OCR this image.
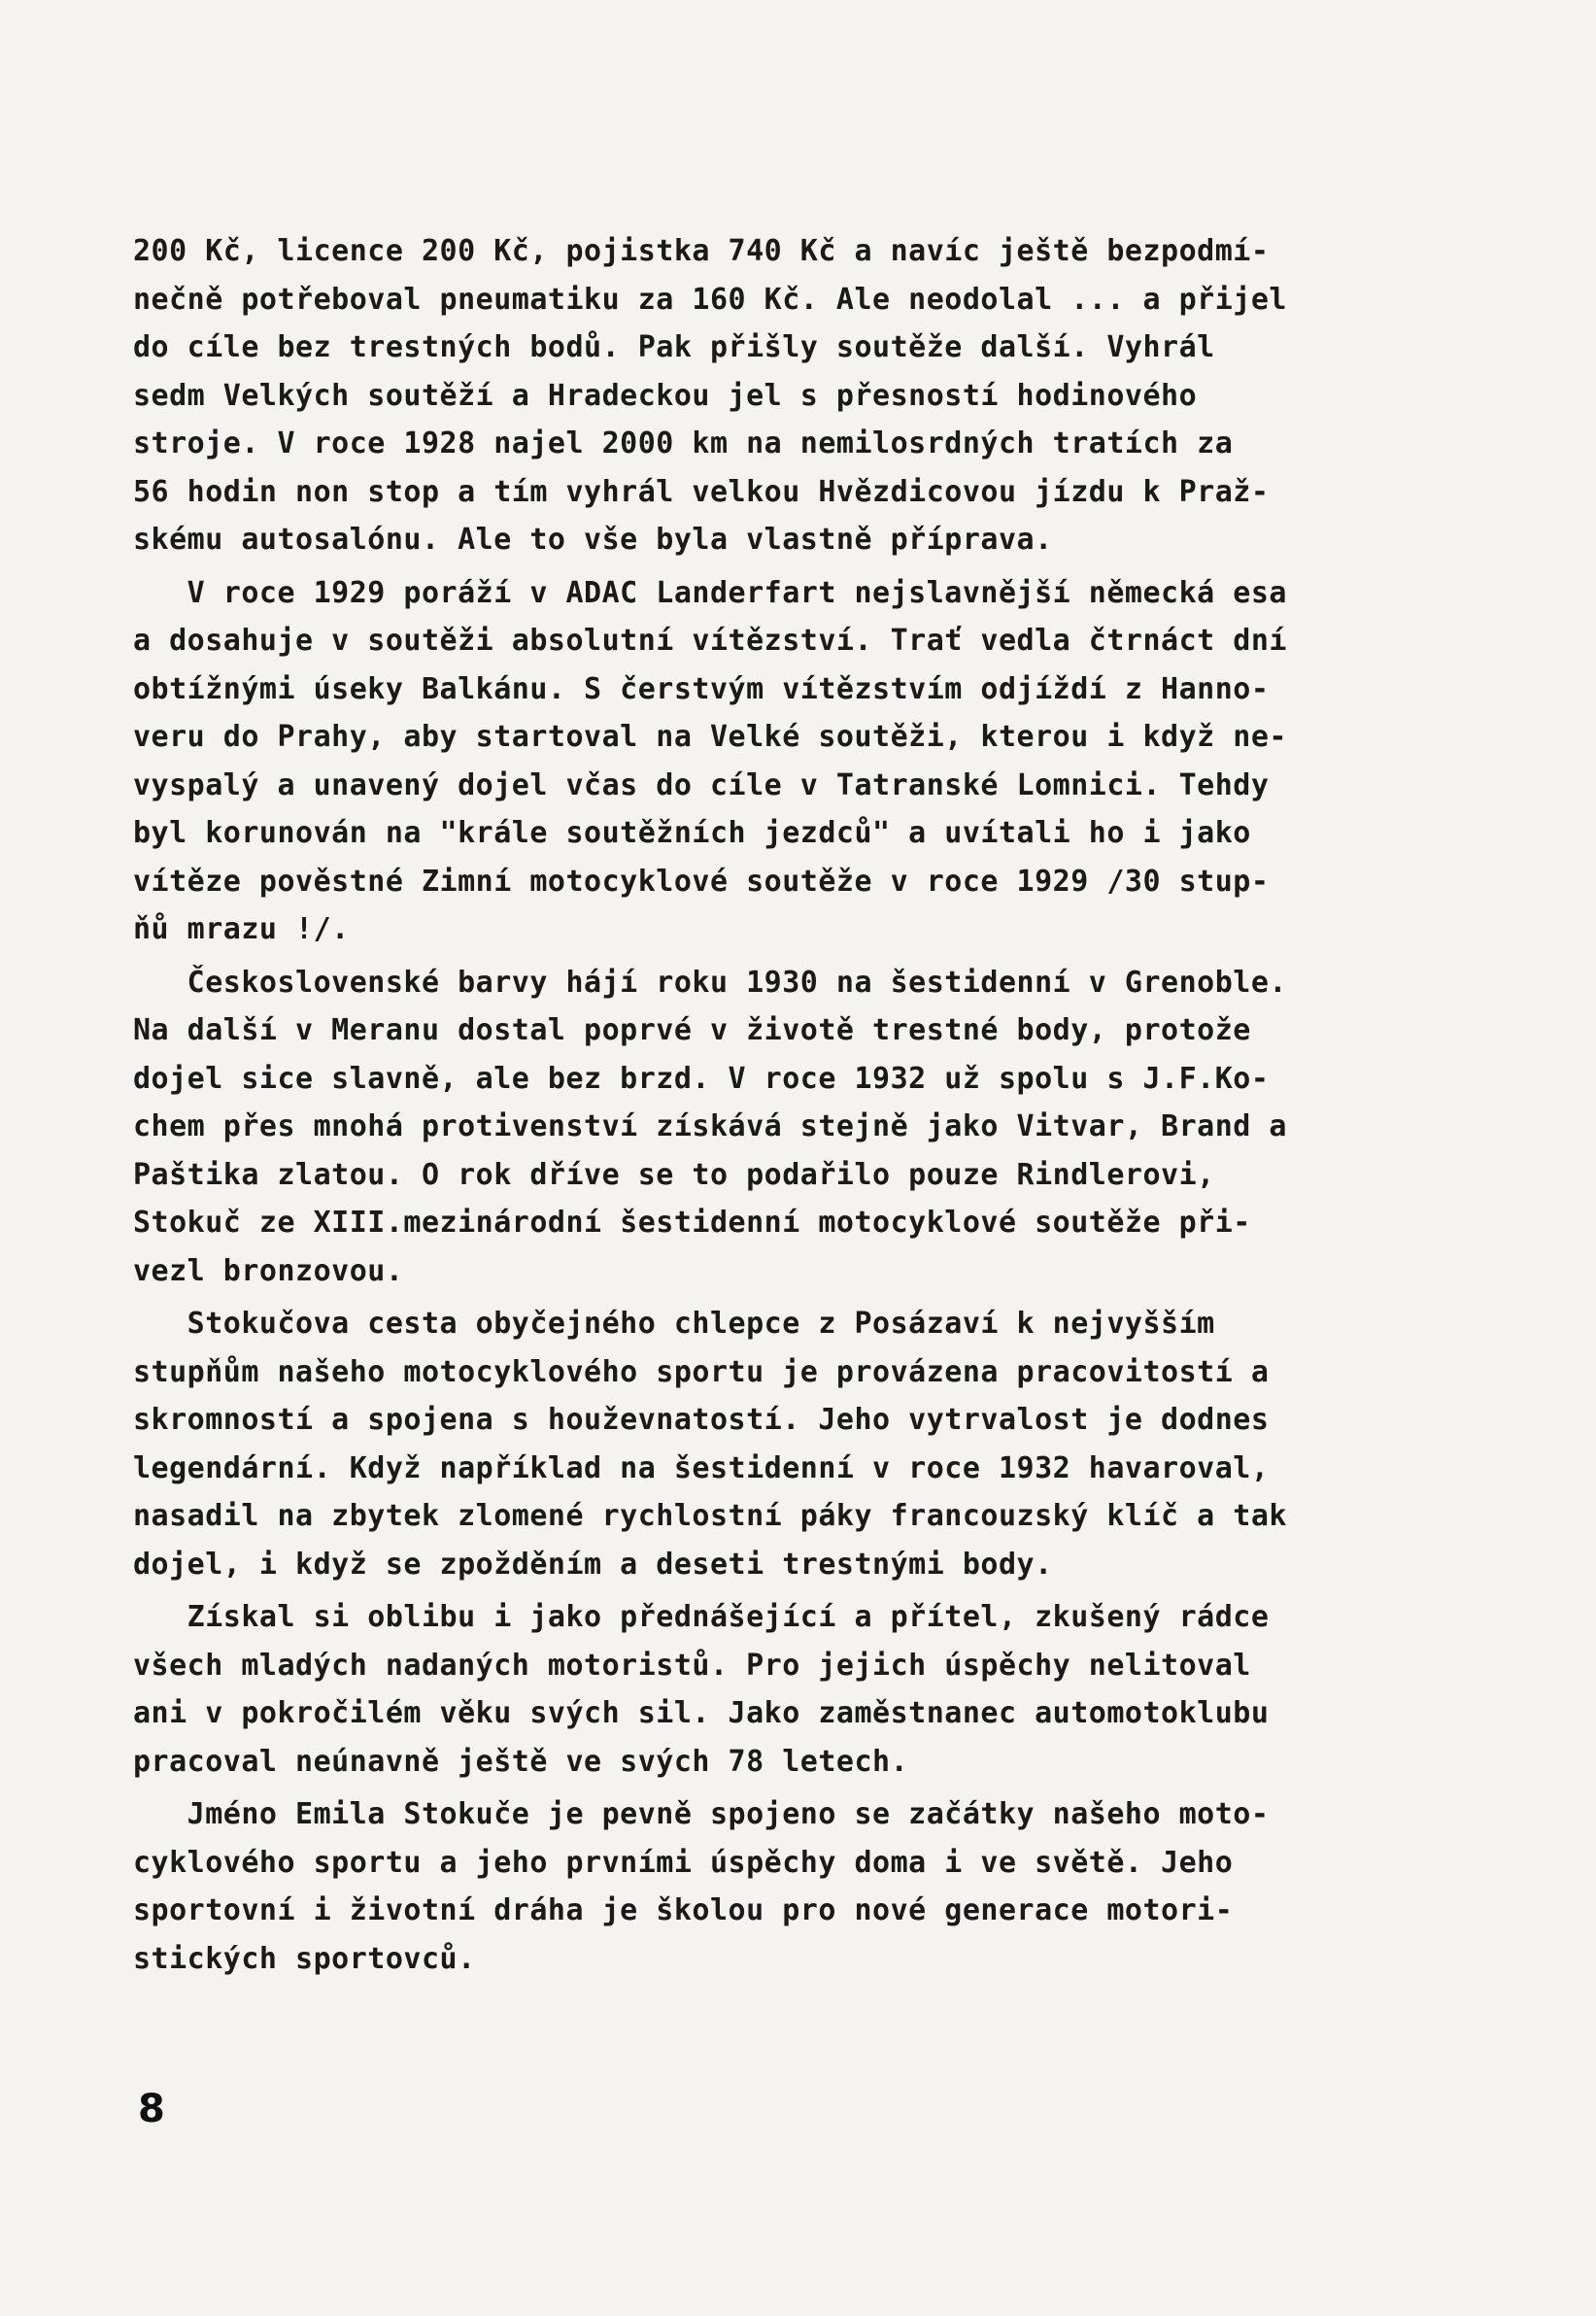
200 Kč, licence 200 Kč, pojistka 740 Kč a navíc ještě bezpodmí-
nečně potřeboval pneumatiku za 160 Kč. Ale neodolal ... a přijel
do cíle bez trestných bodů. Pak přišly soutěže další. Vyhrál
sedm Velkých soutěží a Hradeckou jel s přesností hodinového
stroje. V roce 1928 najel 2000 km na nemilosrdných tratích za
56 hodin non stop a tím vyhrál velkou Hvězdicovou jízdu k Praž-
skému autosalónu. Ale to vše byla vlastně příprava.
V roce 1929 poráží v ADAC Landerfart nejslavnější německá esa
a dosahuje v soutěži absolutní vítězství. Trať vedla čtrnáct dní
obtížnými úseky Balkánu. S čerstvým vítězstvím odjíždí z Hanno-
veru do Prahy, aby startoval na Velké soutěži, kterou i když ne-
vyspalý a unavený dojel včas do cíle v Tatranské Lomnici. Tehdy
byl korunován na "krále soutěžních jezdců" a uvítali ho i jako
vítěze pověstné Zimní motocyklové soutěže v roce 1929 /30 stup-
ňů mrazu !/.
Československé barvy hájí roku 1930 na šestidenní v Grenoble.
Na další v Meranu dostal poprvé v životě trestné body, protože
dojel sice slavně, ale bez brzd. V roce 1932 už spolu s J.F.Ko-
chem přes mnohá protivenství získává stejně jako Vitvar, Brand a
Paštika zlatou. O rok dříve se to podařilo pouze Rindlerovi,
Stokuč ze XIII.mezinárodní šestidenní motocyklové soutěže při-
vezl bronzovou.
Stokučova cesta obyčejného chlepce z Posázaví k nejvyšším
stupňům našeho motocyklového sportu je provázena pracovitostí a
skromností a spojena s houževnatostí. Jeho vytrvalost je dodnes
legendární. Když například na šestidenní v roce 1932 havaroval,
nasadil na zbytek zlomené rychlostní páky francouzský klíč a tak
dojel, i když se zpožděním a deseti trestnými body.
Získal si oblibu i jako přednášející a přítel, zkušený rádce
všech mladých nadaných motoristů. Pro jejich úspěchy nelitoval
ani v pokročilém věku svých sil. Jako zaměstnanec automotoklubu
pracoval neúnavně ještě ve svých 78 letech.
Jméno Emila Stokuče je pevně spojeno se začátky našeho moto-
cyklového sportu a jeho prvními úspěchy doma i ve světě. Jeho
sportovní i životní dráha je školou pro nové generace motori-
stických sportovců.
8
